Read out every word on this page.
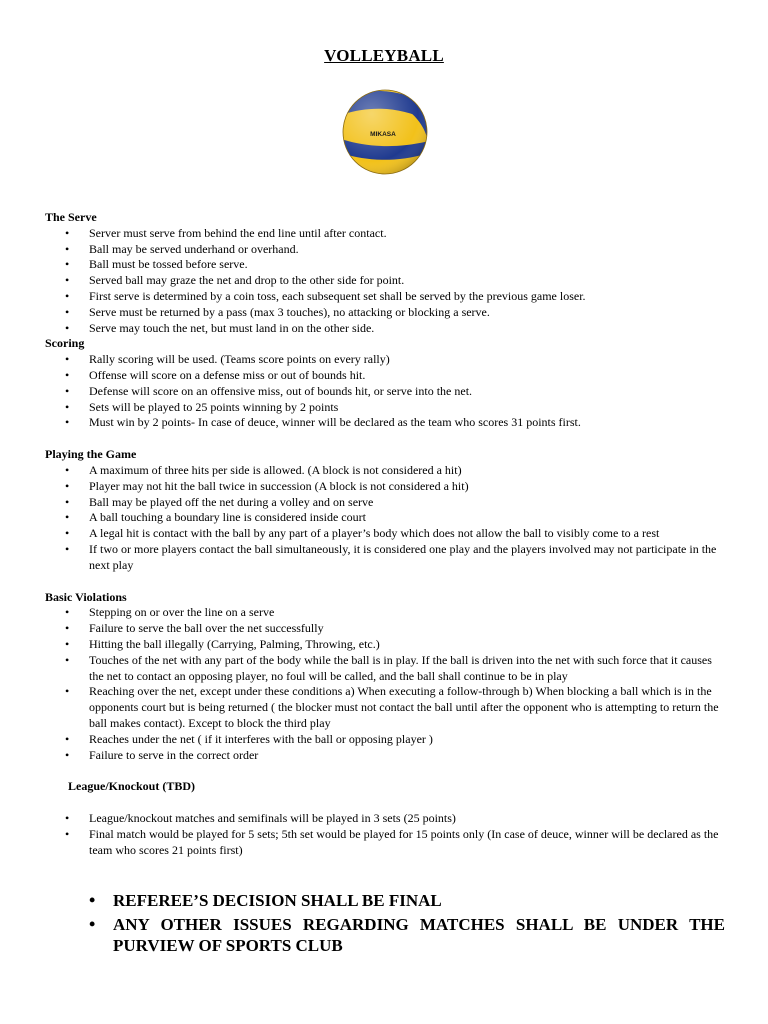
VOLLEYBALL
MIKASA

The Serve

• Server must serve from behind the end line until after contact.
• Ball may be served underhand or overhand.
• Ball must be tossed before serve.
• Served ball may graze the net and drop to the other side for point.
• First serve is determined by a coin toss, each subsequent set shall be served by the previous game loser.
• Serve must be returned by a pass (max 3 touches), no attacking or blocking a serve.
• Serve may touch the net, but must land in on the other side.

Scoring

• Rally scoring will be used. (Teams score points on every rally)
• Offense will score on a defense miss or out of bounds hit.
• Defense will score on an offensive miss, out of bounds hit, or serve into the net.
• Sets will be played to 25 points winning by 2 points
• Must win by 2 points- In case of deuce, winner will be declared as the team who scores 31 points first.

Playing the Game

• A maximum of three hits per side is allowed. (A block is not considered a hit)
• Player may not hit the ball twice in succession (A block is not considered a hit)
• Ball may be played off the net during a volley and on serve
• A ball touching a boundary line is considered inside court
• A legal hit is contact with the ball by any part of a player’s body which does not allow the ball to visibly come to a rest
• If two or more players contact the ball simultaneously, it is considered one play and the players involved may not participate in the next play

Basic Violations

• Stepping on or over the line on a serve
• Failure to serve the ball over the net successfully
• Hitting the ball illegally (Carrying, Palming, Throwing, etc.)
• Touches of the net with any part of the body while the ball is in play. If the ball is driven into the net with such force that it causes the net to contact an opposing player, no foul will be called, and the ball shall continue to be in play
• Reaching over the net, except under these conditions a) When executing a follow-through b) When blocking a ball which is in the opponents court but is being returned ( the blocker must not contact the ball until after the opponent who is attempting to return the ball makes contact). Except to block the third play
• Reaches under the net ( if it interferes with the ball or opposing player )
• Failure to serve in the correct order

League/Knockout (TBD)

• League/knockout matches and semifinals will be played in 3 sets (25 points)
• Final match would be played for 5 sets; 5th set would be played for 15 points only (In case of deuce, winner will be declared as the team who scores 21 points first)
• REFEREE’S DECISION SHALL BE FINAL
• ANY OTHER ISSUES REGARDING MATCHES SHALL BE UNDER THE PURVIEW OF SPORTS CLUB
